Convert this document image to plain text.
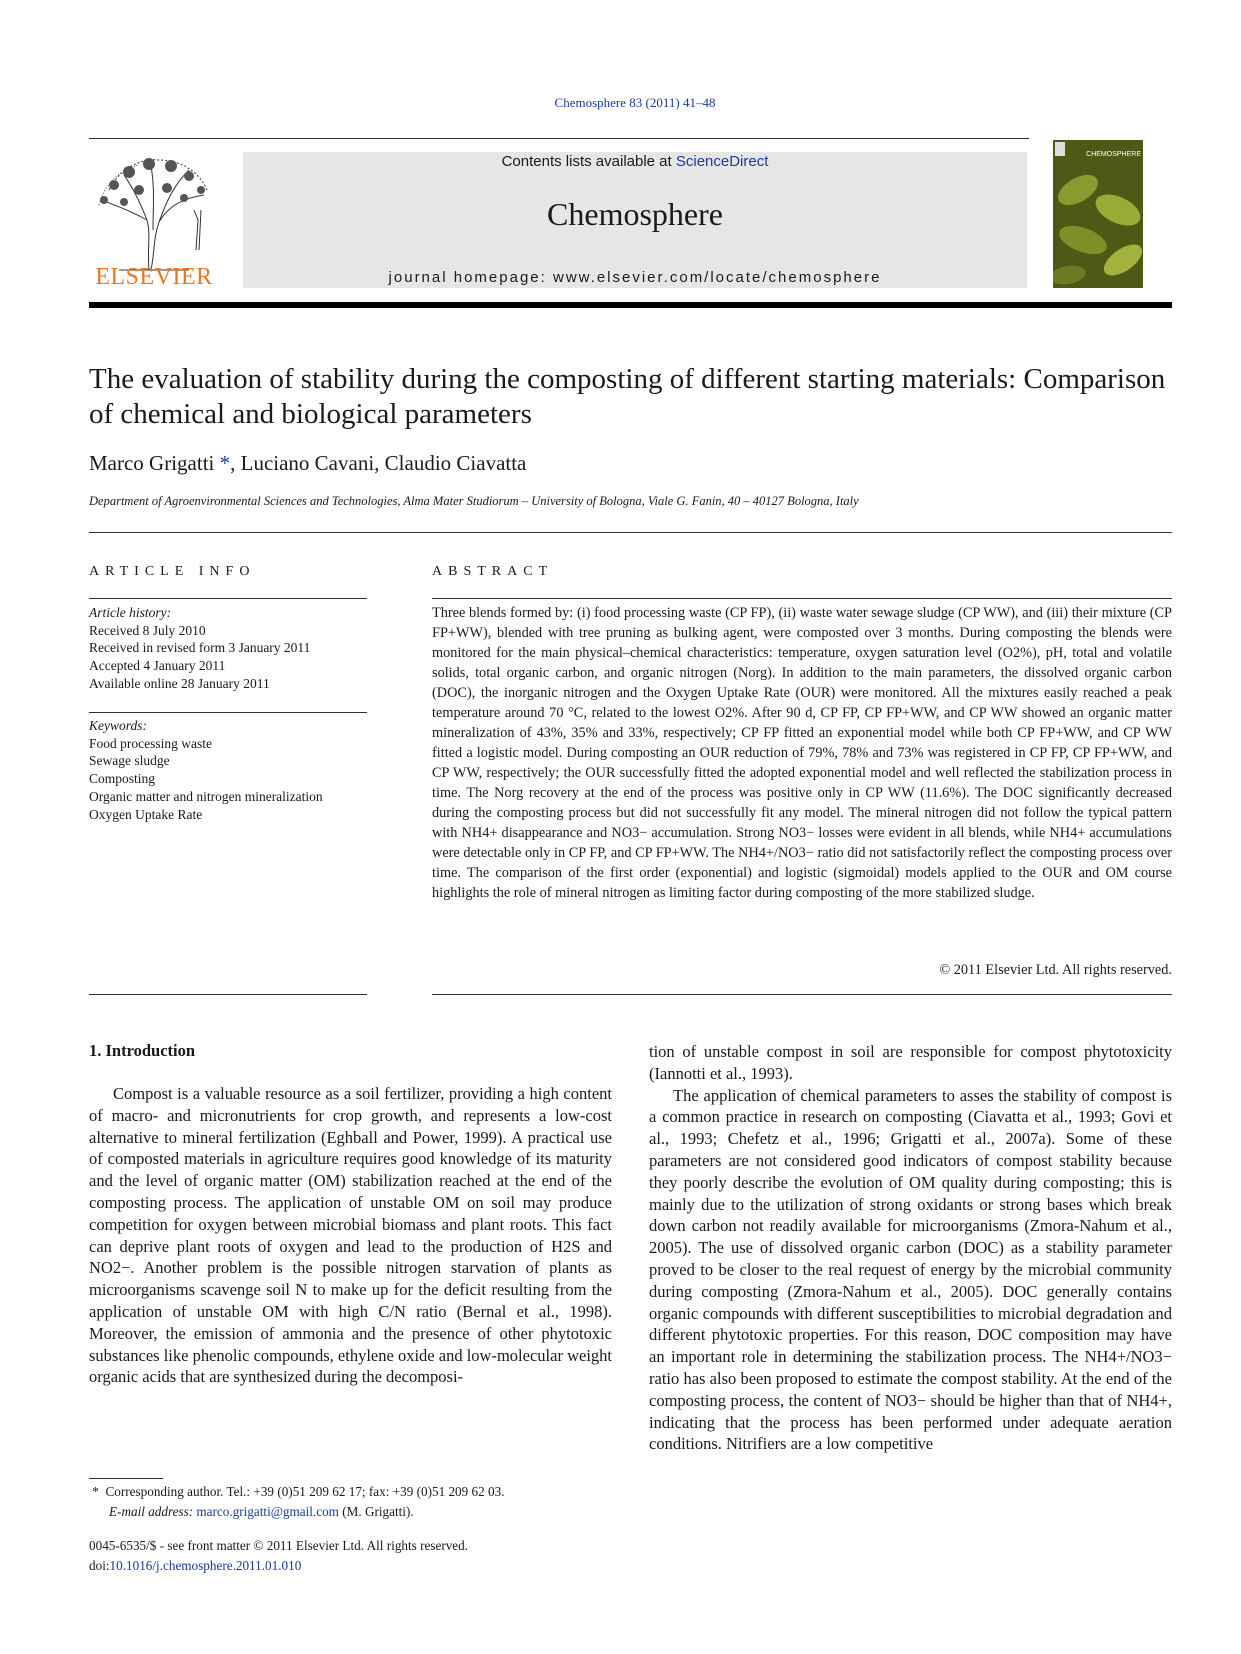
Chemosphere 83 (2011) 41–48
ELSEVIER
Contents lists available at ScienceDirect
Chemosphere
journal homepage: www.elsevier.com/locate/chemosphere
CHEMOSPHERE
The evaluation of stability during the composting of different starting materials: Comparison of chemical and biological parameters
Marco Grigatti *, Luciano Cavani, Claudio Ciavatta
Department of Agroenvironmental Sciences and Technologies, Alma Mater Studiorum – University of Bologna, Viale G. Fanin, 40 – 40127 Bologna, Italy
ARTICLE INFO	ABSTRACT
Article history:
Received 8 July 2010
Received in revised form 3 January 2011
Accepted 4 January 2011
Available online 28 January 2011
Keywords:
Food processing waste
Sewage sludge
Composting
Organic matter and nitrogen mineralization
Oxygen Uptake Rate
Three blends formed by: (i) food processing waste (CP FP), (ii) waste water sewage sludge (CP WW), and (iii) their mixture (CP FP+WW), blended with tree pruning as bulking agent, were composted over 3 months. During composting the blends were monitored for the main physical–chemical characteristics: temperature, oxygen saturation level (O2%), pH, total and volatile solids, total organic carbon, and organic nitrogen (Norg). In addition to the main parameters, the dissolved organic carbon (DOC), the inorganic nitrogen and the Oxygen Uptake Rate (OUR) were monitored. All the mixtures easily reached a peak temperature around 70 °C, related to the lowest O2%. After 90 d, CP FP, CP FP+WW, and CP WW showed an organic matter mineralization of 43%, 35% and 33%, respectively; CP FP fitted an exponential model while both CP FP+WW, and CP WW fitted a logistic model. During composting an OUR reduction of 79%, 78% and 73% was registered in CP FP, CP FP+WW, and CP WW, respectively; the OUR successfully fitted the adopted exponential model and well reflected the stabilization process in time. The Norg recovery at the end of the process was positive only in CP WW (11.6%). The DOC significantly decreased during the composting process but did not successfully fit any model. The mineral nitrogen did not follow the typical pattern with NH4+ disappearance and NO3− accumulation. Strong NO3− losses were evident in all blends, while NH4+ accumulations were detectable only in CP FP, and CP FP+WW. The NH4+/NO3− ratio did not satisfactorily reflect the composting process over time. The comparison of the first order (exponential) and logistic (sigmoidal) models applied to the OUR and OM course highlights the role of mineral nitrogen as limiting factor during composting of the more stabilized sludge.
© 2011 Elsevier Ltd. All rights reserved.
1. Introduction

Compost is a valuable resource as a soil fertilizer, providing a high content of macro- and micronutrients for crop growth, and represents a low-cost alternative to mineral fertilization (Eghball and Power, 1999). A practical use of composted materials in agriculture requires good knowledge of its maturity and the level of organic matter (OM) stabilization reached at the end of the composting process. The application of unstable OM on soil may produce competition for oxygen between microbial biomass and plant roots. This fact can deprive plant roots of oxygen and lead to the production of H2S and NO2−. Another problem is the possible nitrogen starvation of plants as microorganisms scavenge soil N to make up for the deficit resulting from the application of unstable OM with high C/N ratio (Bernal et al., 1998). Moreover, the emission of ammonia and the presence of other phytotoxic substances like phenolic compounds, ethylene oxide and low-molecular weight organic acids that are synthesized during the decomposi-

tion of unstable compost in soil are responsible for compost phytotoxicity (Iannotti et al., 1993).

The application of chemical parameters to asses the stability of compost is a common practice in research on composting (Ciavatta et al., 1993; Govi et al., 1993; Chefetz et al., 1996; Grigatti et al., 2007a). Some of these parameters are not considered good indicators of compost stability because they poorly describe the evolution of OM quality during composting; this is mainly due to the utilization of strong oxidants or strong bases which break down carbon not readily available for microorganisms (Zmora-Nahum et al., 2005). The use of dissolved organic carbon (DOC) as a stability parameter proved to be closer to the real request of energy by the microbial community during composting (Zmora-Nahum et al., 2005). DOC generally contains organic compounds with different susceptibilities to microbial degradation and different phytotoxic properties. For this reason, DOC composition may have an important role in determining the stabilization process. The NH4+/NO3− ratio has also been proposed to estimate the compost stability. At the end of the composting process, the content of NO3− should be higher than that of NH4+, indicating that the process has been performed under adequate aeration conditions. Nitrifiers are a low competitive

* Corresponding author. Tel.: +39 (0)51 209 62 17; fax: +39 (0)51 209 62 03.
E-mail address: marco.grigatti@gmail.com (M. Grigatti).
0045-6535/$ - see front matter © 2011 Elsevier Ltd. All rights reserved.
doi:10.1016/j.chemosphere.2011.01.010
